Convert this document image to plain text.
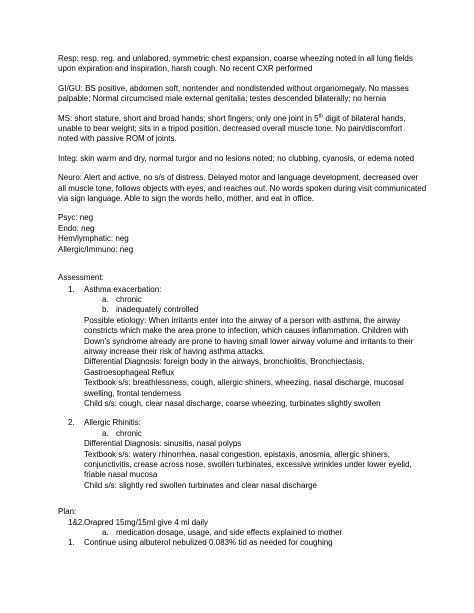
Resp: resp. reg. and unlabored, symmetric chest expansion, coarse wheezing noted in all lung fields
upon expiration and inspiration, harsh cough. No recent CXR performed
GI/GU: BS positive, abdomen soft, nontender and nondistended without organomegaly. No masses
palpable; Normal circumcised male external genitalia; testes descended bilaterally; no hernia
MS: short stature, short and broad hands; short fingers; only one joint in 5th digit of bilateral hands,
unable to bear weight; sits in a tripod position, decreased overall muscle tone. No pain/discomfort
noted with passive ROM of joints.
Integ: skin warm and dry, normal turgor and no lesions noted; no clubbing, cyanosis, or edema noted
Neuro: Alert and active, no s/s of distress. Delayed motor and language development, decreased over
all muscle tone, follows objects with eyes, and reaches out. No words spoken during visit communicated
via sign language. Able to sign the words hello, mother, and eat in office.
Psyc: neg
Endo: neg
Hem/lymphatic: neg
Allergic/Immuno: neg
Assessment:
1. Asthma exacerbation:
a. chronic
b. inadequately controlled
Possible etiology: When irritants enter into the airway of a person with asthma, the airway
constricts which make the area prone to infection, which causes inflammation. Children with
Down’s syndrome already are prone to having small lower airway volume and irritants to their
airway increase their risk of having asthma attacks.
Differential Diagnosis: foreign body in the airways, bronchiolitis, Bronchiectasis,
Gastroesophageal Reflux
Textbook s/s: breathlessness, cough, allergic shiners, wheezing, nasal discharge, mucosal
swelling, frontal tenderness
Child s/s: cough, clear nasal discharge, coarse wheezing, turbinates slightly swollen
2. Allergic Rhinitis:
a. chronic
Differential Diagnosis: sinusitis, nasal polyps
Textbook s/s: watery rhinorrhea, nasal congestion, epistaxis, anosmia, allergic shiners,
conjunctivitis, crease across nose, swollen turbinates, excessive wrinkles under lower eyelid,
friable nasal mucosa
Child s/s: slightly red swollen turbinates and clear nasal discharge
Plan:
1&2. Orapred 15mg/15ml give 4 ml daily
a. medication dosage, usage, and side effects explained to mother
1. Continue using albuterol nebulized 0.083% tid as needed for coughing
